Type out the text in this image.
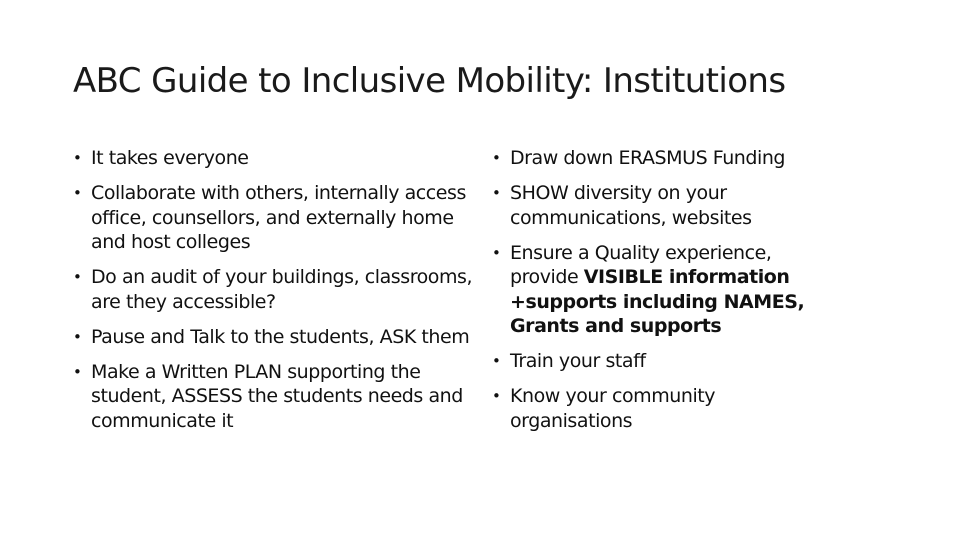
ABC Guide to Inclusive Mobility: Institutions
• It takes everyone
• Collaborate with others, internally access office, counsellors, and externally home and host colleges
• Do an audit of your buildings, classrooms, are they accessible?
• Pause and Talk to the students, ASK them
• Make a Written PLAN supporting the student, ASSESS the students needs and communicate it
• Draw down ERASMUS Funding
• SHOW diversity on your communications, websites
• Ensure a Quality experience, provide VISIBLE information +supports including NAMES, Grants and supports
• Train your staff
• Know your community organisations
